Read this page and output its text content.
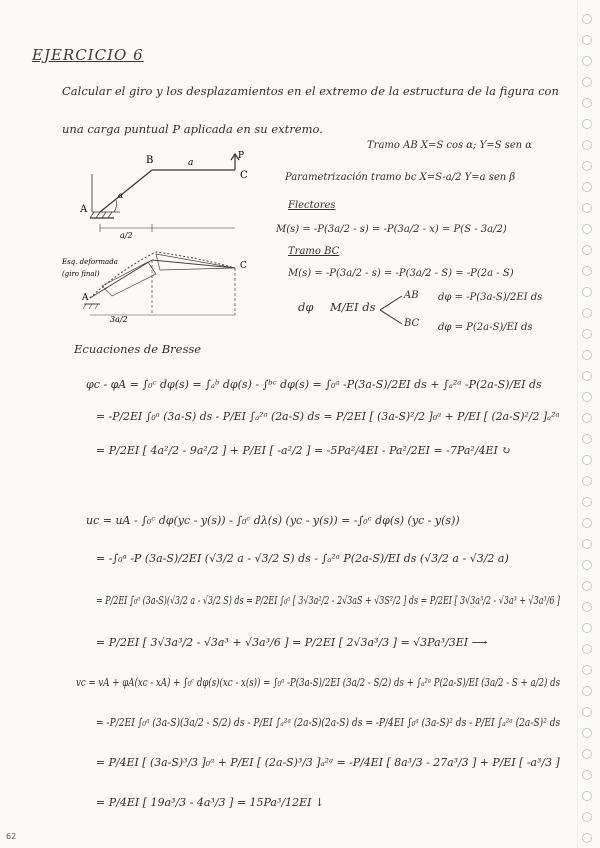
EJERCICIO 6
Calcular el giro y los desplazamientos en el extremo de la estructura de la figura con
una carga puntual P aplicada en su extremo.
Tramo AB X=S cos α; Y=S sen α
Parametrización tramo bc X=S-a/2 Y=a sen β
Flectores
M(s) = -P(3a/2 - s) = -P(3a/2 - x) = P(S - 3a/2)
Tramo BC
M(s) = -P(3a/2 - s) = -P(3a/2 - S) = -P(2a - S)
B
A
C
P
a
a/2
α
Esq. deformada
(giro final)
C
A
3a/2
dφ M/EI ds
AB
BC
dφ = -P(3a-S)/2EI ds
dφ = P(2a-S)/EI ds
Ecuaciones de Bresse
φc - φA = ∫₀ᶜ dφ(s) = ∫ₐᵇ dφ(s) - ∫ᵇᶜ dφ(s) = ∫₀ᵃ -P(3a-S)/2EI ds + ∫ₐ²ᵃ -P(2a-S)/EI ds
= -P/2EI ∫₀ᵃ (3a-S) ds - P/EI ∫ₐ²ᵃ (2a-S) ds = P/2EI [ (3a-S)²/2 ]₀ᵃ + P/EI [ (2a-S)²/2 ]ₐ²ᵃ
= P/2EI [ 4a²/2 - 9a²/2 ] + P/EI [ -a²/2 ] = -5Pa²/4EI - Pa²/2EI = -7Pa²/4EI ↻
uc = uA - ∫₀ᶜ dφ(yc - y(s)) - ∫₀ᶜ dλ(s) (yc - y(s)) = -∫₀ᶜ dφ(s) (yc - y(s))
= -∫₀ᵃ -P (3a-S)/2EI (√3/2 a - √3/2 S) ds - ∫ₐ²ᵃ P(2a-S)/EI ds (√3/2 a - √3/2 a)
= P/2EI ∫₀ᵃ (3a-S)(√3/2 a - √3/2 S) ds = P/2EI ∫₀ᵃ [ 3√3a²/2 - 2√3aS + √3S²/2 ] ds = P/2EI [ 3√3a³/2 - √3a³ + √3a³/6 ]
= P/2EI [ 3√3a³/2 - √3a³ + √3a³/6 ] = P/2EI [ 2√3a³/3 ] = √3Pa³/3EI ⟶
vc = vA + φA(xc - xA) + ∫₀ᶜ dφ(s)(xc - x(s)) = ∫₀ᵃ -P(3a-S)/2EI (3a/2 - S/2) ds + ∫ₐ²ᵃ P(2a-S)/EI (3a/2 - S + a/2) ds
= -P/2EI ∫₀ᵃ (3a-S)(3a/2 - S/2) ds - P/EI ∫ₐ²ᵃ (2a-S)(2a-S) ds = -P/4EI ∫₀ᵃ (3a-S)² ds - P/EI ∫ₐ²ᵃ (2a-S)² ds
= P/4EI [ (3a-S)³/3 ]₀ᵃ + P/EI [ (2a-S)³/3 ]ₐ²ᵃ = -P/4EI [ 8a³/3 - 27a³/3 ] + P/EI [ -a³/3 ]
= P/4EI [ 19a³/3 - 4a³/3 ] = 15Pa³/12EI ↓
62
